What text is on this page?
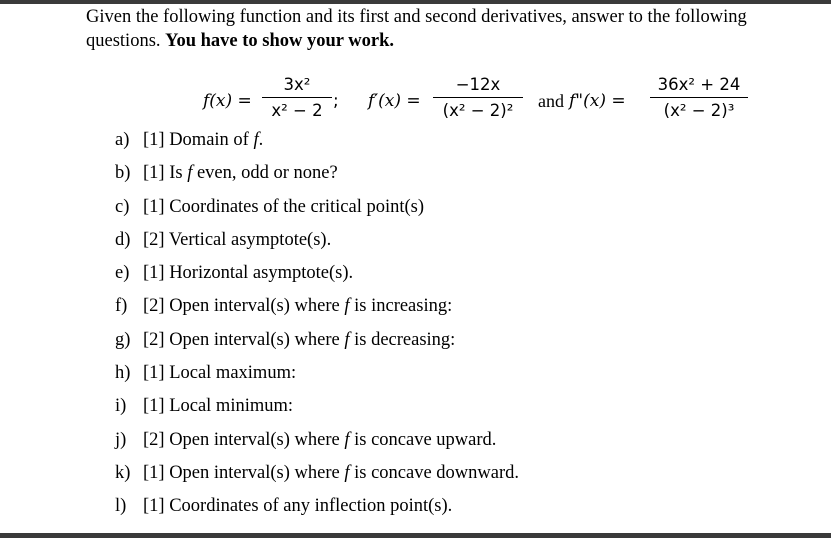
Given the following function and its first and second derivatives, answer to the following questions. You have to show your work.
f(x) =
3x²
x² − 2 ; f′(x) =
−12x
(x² − 2)²	and f"(x) =
36x² + 24
(x² − 2)³
a) [1] Domain of f.
b) [1] Is f even, odd or none?
c) [1] Coordinates of the critical point(s)
d) [2] Vertical asymptote(s).
e) [1] Horizontal asymptote(s).
f) [2] Open interval(s) where f is increasing:
g) [2] Open interval(s) where f is decreasing:
h) [1] Local maximum:
i) [1] Local minimum:
j) [2] Open interval(s) where f is concave upward.
k) [1] Open interval(s) where f is concave downward.
l) [1] Coordinates of any inflection point(s).
